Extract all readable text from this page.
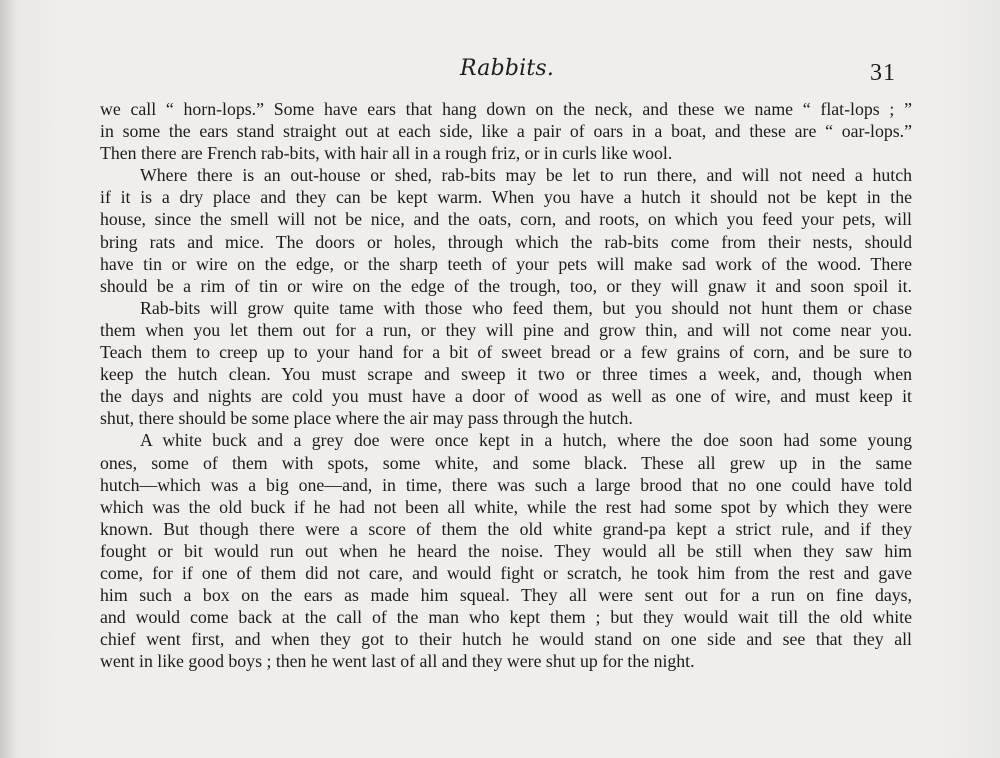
Rabbits.	31
we call “ horn-lops.” Some have ears that hang down on the neck, and these we name “ flat-lops ; ”
in some the ears stand straight out at each side, like a pair of oars in a boat, and these are “ oar-lops.”
Then there are French rab-bits, with hair all in a rough friz, or in curls like wool.
Where there is an out-house or shed, rab-bits may be let to run there, and will not need a hutch
if it is a dry place and they can be kept warm. When you have a hutch it should not be kept in the
house, since the smell will not be nice, and the oats, corn, and roots, on which you feed your pets, will
bring rats and mice. The doors or holes, through which the rab-bits come from their nests, should
have tin or wire on the edge, or the sharp teeth of your pets will make sad work of the wood. There
should be a rim of tin or wire on the edge of the trough, too, or they will gnaw it and soon spoil it.
Rab-bits will grow quite tame with those who feed them, but you should not hunt them or chase
them when you let them out for a run, or they will pine and grow thin, and will not come near you.
Teach them to creep up to your hand for a bit of sweet bread or a few grains of corn, and be sure to
keep the hutch clean. You must scrape and sweep it two or three times a week, and, though when
the days and nights are cold you must have a door of wood as well as one of wire, and must keep it
shut, there should be some place where the air may pass through the hutch.
A white buck and a grey doe were once kept in a hutch, where the doe soon had some young
ones, some of them with spots, some white, and some black. These all grew up in the same
hutch—which was a big one—and, in time, there was such a large brood that no one could have told
which was the old buck if he had not been all white, while the rest had some spot by which they were
known. But though there were a score of them the old white grand-pa kept a strict rule, and if they
fought or bit would run out when he heard the noise. They would all be still when they saw him
come, for if one of them did not care, and would fight or scratch, he took him from the rest and gave
him such a box on the ears as made him squeal. They all were sent out for a run on fine days,
and would come back at the call of the man who kept them ; but they would wait till the old white
chief went first, and when they got to their hutch he would stand on one side and see that they all
went in like good boys ; then he went last of all and they were shut up for the night.
